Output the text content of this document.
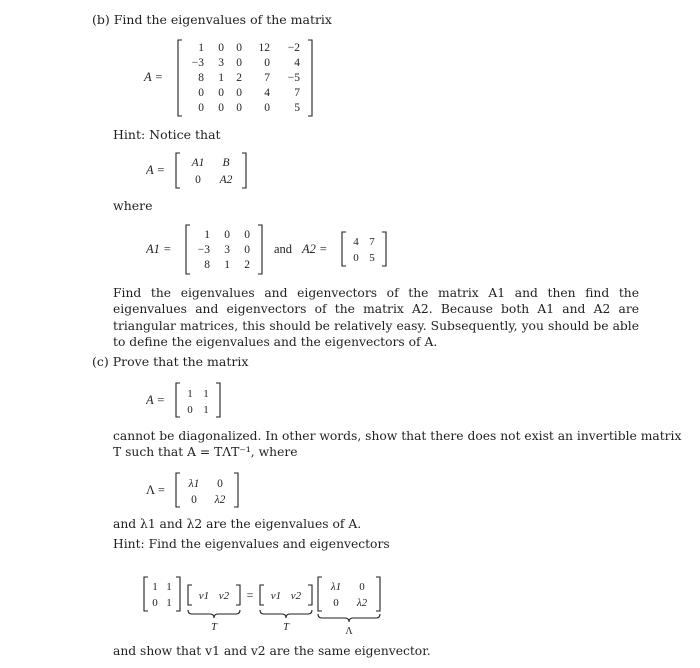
(b) Find the eigenvalues of the matrix
A =
1 0 0 12 −2
−3 3 0 0 4
8 1 2 7 −5
0 0 0 4 7
0 0 0 0 5
Hint: Notice that
A = A1 B
0 A2
where
A1 =
1 0 0
−3 3 0
8 1 2
and A2 = 4 7
0 5
Find the eigenvalues and eigenvectors of the matrix A1 and then find the eigenvalues and eigenvectors of the matrix A2. Because both A1 and A2 are triangular matrices, this should be relatively easy. Subsequently, you should be able to define the eigenvalues and the eigenvectors of A.
(c) Prove that the matrix
A = 1 1
0 1
cannot be diagonalized. In other words, show that there does not exist an invertible matrix
T such that A = TΛT⁻¹, where
Λ = λ1 0
0 λ2
and λ1 and λ2 are the eigenvalues of A.
Hint: Find the eigenvalues and eigenvectors
1 1
0 1
v1 v2
T
= v1 v2
T
λ1 0
0 λ2
Λ
and show that v1 and v2 are the same eigenvector.
